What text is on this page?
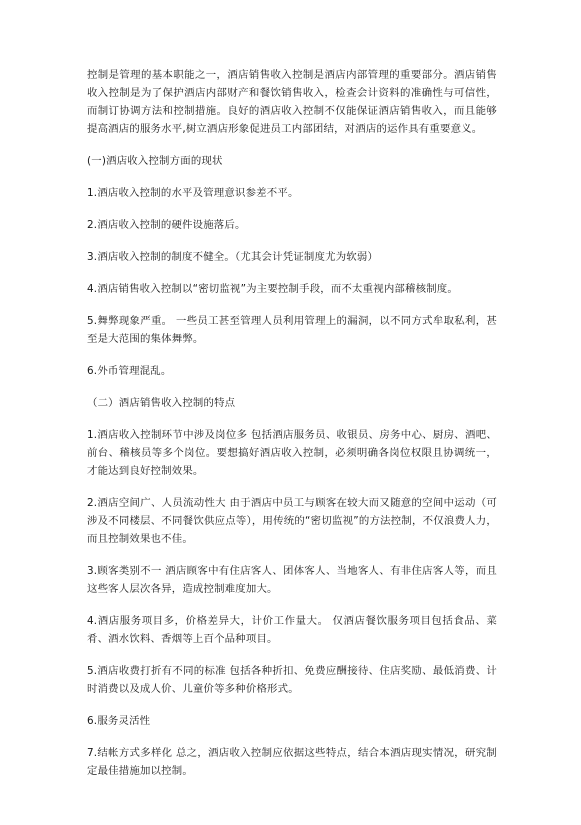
控制是管理的基本职能之一，酒店销售收入控制是酒店内部管理的重要部分。酒店销售收入控制是为了保护酒店内部财产和餐饮销售收入，检查会计资料的准确性与可信性，而制订协调方法和控制措施。良好的酒店收入控制不仅能保证酒店销售收入，而且能够提高酒店的服务水平,树立酒店形象促进员工内部团结，对酒店的运作具有重要意义。

(一)酒店收入控制方面的现状

1.酒店收入控制的水平及管理意识参差不平。

2.酒店收入控制的硬件设施落后。

3.酒店收入控制的制度不健全。（尤其会计凭证制度尤为软弱）

4.酒店销售收入控制以“密切监视”为主要控制手段，而不太重视内部稽核制度。

5.舞弊现象严重。 一些员工甚至管理人员利用管理上的漏洞，以不同方式牟取私利，甚至是大范围的集体舞弊。

6.外币管理混乱。

（二）酒店销售收入控制的特点

1.酒店收入控制环节中涉及岗位多 包括酒店服务员、收银员、房务中心、厨房、酒吧、前台、稽核员等多个岗位。要想搞好酒店收入控制，必须明确各岗位权限且协调统一，才能达到良好控制效果。

2.酒店空间广、人员流动性大 由于酒店中员工与顾客在较大而又随意的空间中运动（可涉及不同楼层、不同餐饮供应点等），用传统的“密切监视”的方法控制，不仅浪费人力，而且控制效果也不佳。

3.顾客类别不一 酒店顾客中有住店客人、团体客人、当地客人、有非住店客人等，而且这些客人层次各异，造成控制难度加大。

4.酒店服务项目多，价格差异大，计价工作量大。 仅酒店餐饮服务项目包括食品、菜肴、酒水饮料、香烟等上百个品种项目。

5.酒店收费打折有不同的标准 包括各种折扣、免费应酬接待、住店奖励、最低消费、计时消费以及成人价、儿童价等多种价格形式。

6.服务灵活性

7.结帐方式多样化 总之，酒店收入控制应依据这些特点，结合本酒店现实情况，研究制定最佳措施加以控制。
